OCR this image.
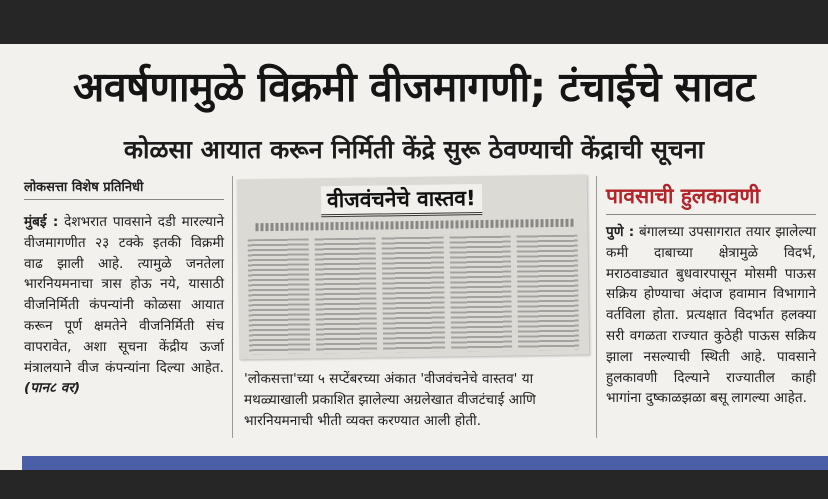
अवर्षणामुळे विक्रमी वीजमागणी; टंचाईचे सावट
कोळसा आयात करून निर्मिती केंद्रे सुरू ठेवण्याची केंद्राची सूचना
लोकसत्ता विशेष प्रतिनिधी
मुंबई : देशभरात पावसाने दडी मारल्याने वीजमागणीत २३ टक्के इतकी विक्रमी वाढ झाली आहे. त्यामुळे जनतेला भारनियमनाचा त्रास होऊ नये, यासाठी वीजनिर्मिती कंपन्यांनी कोळसा आयात करून पूर्ण क्षमतेने वीजनिर्मिती संच वापरावेत, अशा सूचना केंद्रीय ऊर्जा मंत्रालयाने वीज कंपन्यांना दिल्या आहेत. (पान८ वर)
वीजवंचनेचे वास्तव!
'लोकसत्ता'च्या ५ सप्टेंबरच्या अंकात 'वीजवंचनेचे वास्तव' या मथळ्याखाली प्रकाशित झालेल्या अग्रलेखात वीजटंचाई आणि भारनियमनाची भीती व्यक्त करण्यात आली होती.
पावसाची हुलकावणी
पुणे : बंगालच्या उपसागरात तयार झालेल्या कमी दाबाच्या क्षेत्रामुळे विदर्भ, मराठवाड्यात बुधवारपासून मोसमी पाऊस सक्रिय होण्याचा अंदाज हवामान विभागाने वर्तविला होता. प्रत्यक्षात विदर्भात हलक्या सरी वगळता राज्यात कुठेही पाऊस सक्रिय झाला नसल्याची स्थिती आहे. पावसाने हुलकावणी दिल्याने राज्यातील काही भागांना दुष्काळझळा बसू लागल्या आहेत.
